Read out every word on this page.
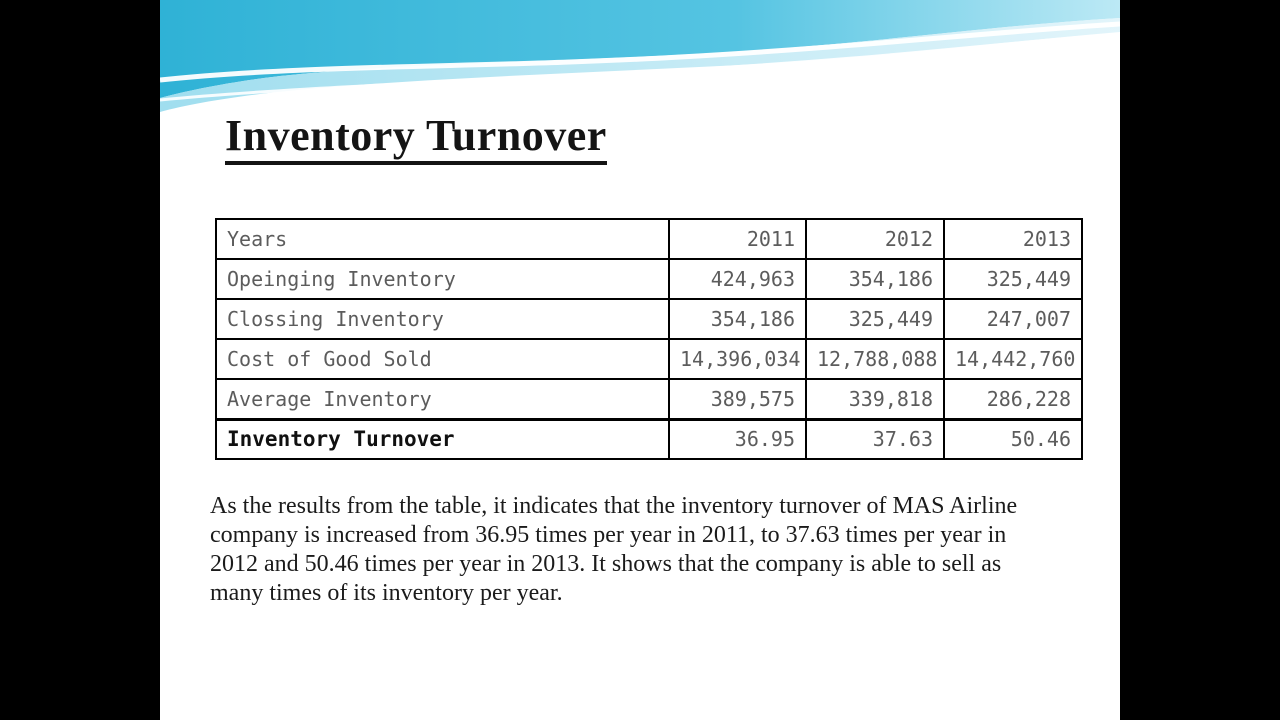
Inventory Turnover
Years	2011	2012	2013
Opeinging Inventory	424,963	354,186	325,449
Clossing Inventory	354,186	325,449	247,007
Cost of Good Sold	14,396,034	12,788,088	14,442,760
Average Inventory	389,575	339,818	286,228
Inventory Turnover	36.95	37.63	50.46

As the results from the table, it indicates that the inventory turnover of MAS Airline company is increased from 36.95 times per year in 2011, to 37.63 times per year in 2012 and 50.46 times per year in 2013. It shows that the company is able to sell as many times of its inventory per year.
